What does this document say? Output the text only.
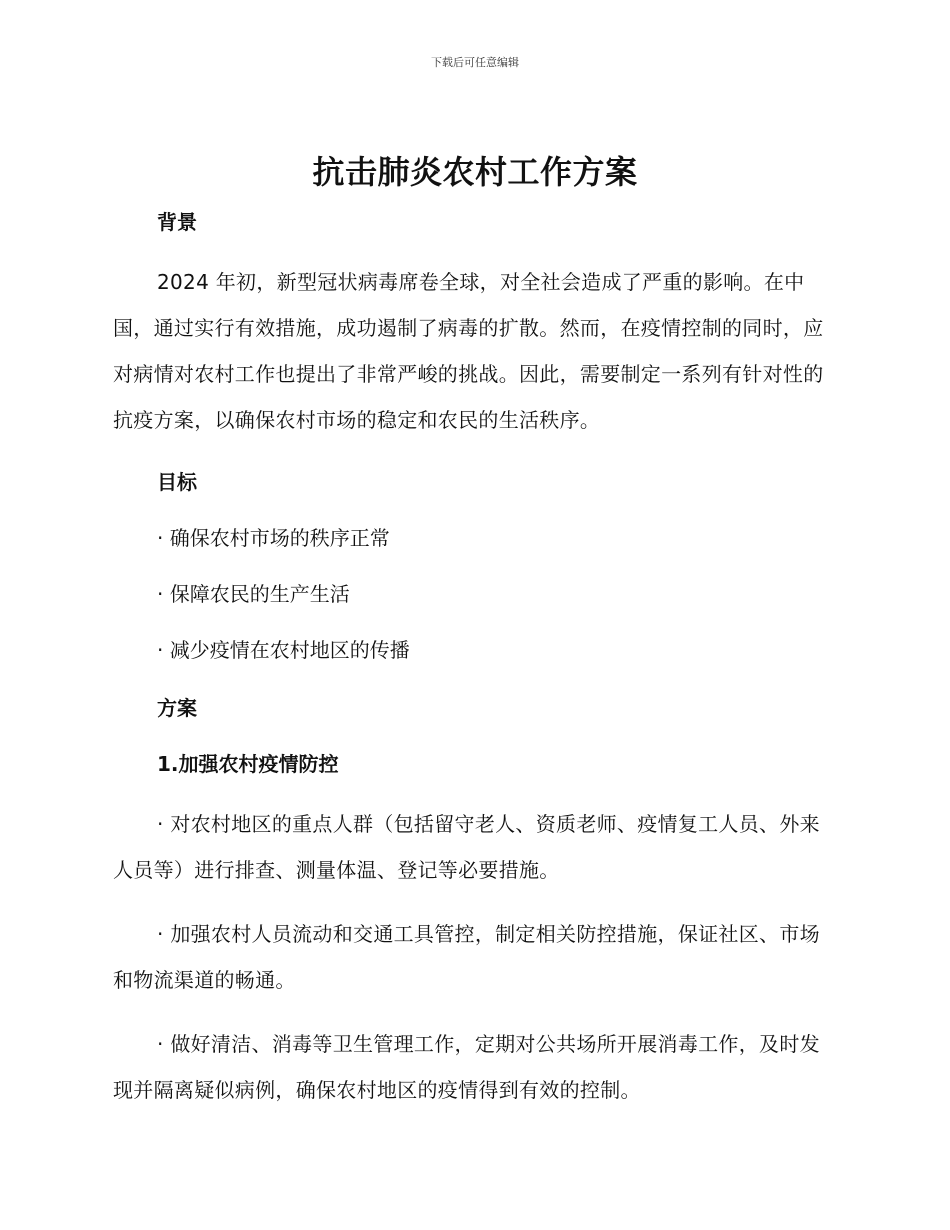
下载后可任意编辑
抗击肺炎农村工作方案
背景
2024 年初，新型冠状病毒席卷全球，对全社会造成了严重的影响。在中国，通过实行有效措施，成功遏制了病毒的扩散。然而，在疫情控制的同时，应对病情对农村工作也提出了非常严峻的挑战。因此，需要制定一系列有针对性的抗疫方案，以确保农村市场的稳定和农民的生活秩序。
目标
· 确保农村市场的秩序正常
· 保障农民的生产生活
· 减少疫情在农村地区的传播
方案
1.加强农村疫情防控
· 对农村地区的重点人群（包括留守老人、资质老师、疫情复工人员、外来人员等）进行排查、测量体温、登记等必要措施。
· 加强农村人员流动和交通工具管控，制定相关防控措施，保证社区、市场和物流渠道的畅通。
· 做好清洁、消毒等卫生管理工作，定期对公共场所开展消毒工作，及时发现并隔离疑似病例，确保农村地区的疫情得到有效的控制。
